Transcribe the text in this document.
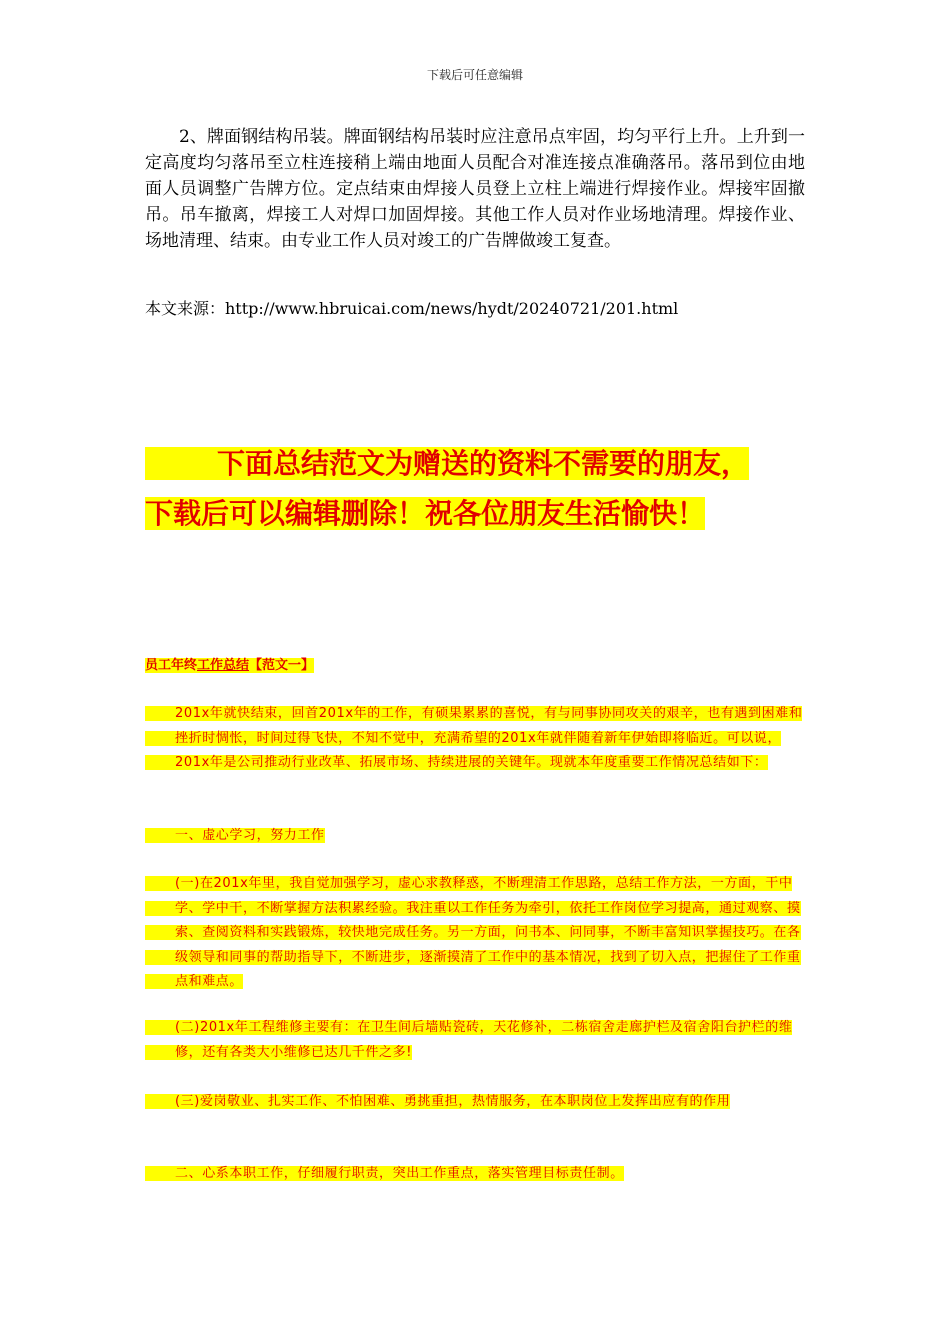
下载后可任意编辑
2、牌面钢结构吊装。牌面钢结构吊装时应注意吊点牢固，均匀平行上升。上升到一定高度均匀落吊至立柱连接稍上端由地面人员配合对准连接点准确落吊。落吊到位由地面人员调整广告牌方位。定点结束由焊接人员登上立柱上端进行焊接作业。焊接牢固撤吊。吊车撤离，焊接工人对焊口加固焊接。其他工作人员对作业场地清理。焊接作业、场地清理、结束。由专业工作人员对竣工的广告牌做竣工复查。
本文来源：http://www.hbruicai.com/news/hydt/20240721/201.html
下面总结范文为赠送的资料不需要的朋友，
下载后可以编辑删除！祝各位朋友生活愉快！
员工年终工作总结【范文一】
201x年就快结束，回首201x年的工作，有硕果累累的喜悦，有与同事协同攻关的艰辛，也有遇到困难和挫折时惆怅，时间过得飞快，不知不觉中，充满希望的201x年就伴随着新年伊始即将临近。可以说，201x年是公司推动行业改革、拓展市场、持续进展的关键年。现就本年度重要工作情况总结如下：
一、虚心学习，努力工作
(一)在201x年里，我自觉加强学习，虚心求教释惑，不断理清工作思路，总结工作方法，一方面，干中学、学中干，不断掌握方法积累经验。我注重以工作任务为牵引，依托工作岗位学习提高，通过观察、摸索、查阅资料和实践锻炼，较快地完成任务。另一方面，问书本、问同事，不断丰富知识掌握技巧。在各级领导和同事的帮助指导下，不断进步，逐渐摸清了工作中的基本情况，找到了切入点，把握住了工作重点和难点。
(二)201x年工程维修主要有：在卫生间后墙贴瓷砖，天花修补，二栋宿舍走廊护栏及宿舍阳台护栏的维修，还有各类大小维修已达几千件之多!
(三)爱岗敬业、扎实工作、不怕困难、勇挑重担，热情服务，在本职岗位上发挥出应有的作用
二、心系本职工作，仔细履行职责，突出工作重点，落实管理目标责任制。
